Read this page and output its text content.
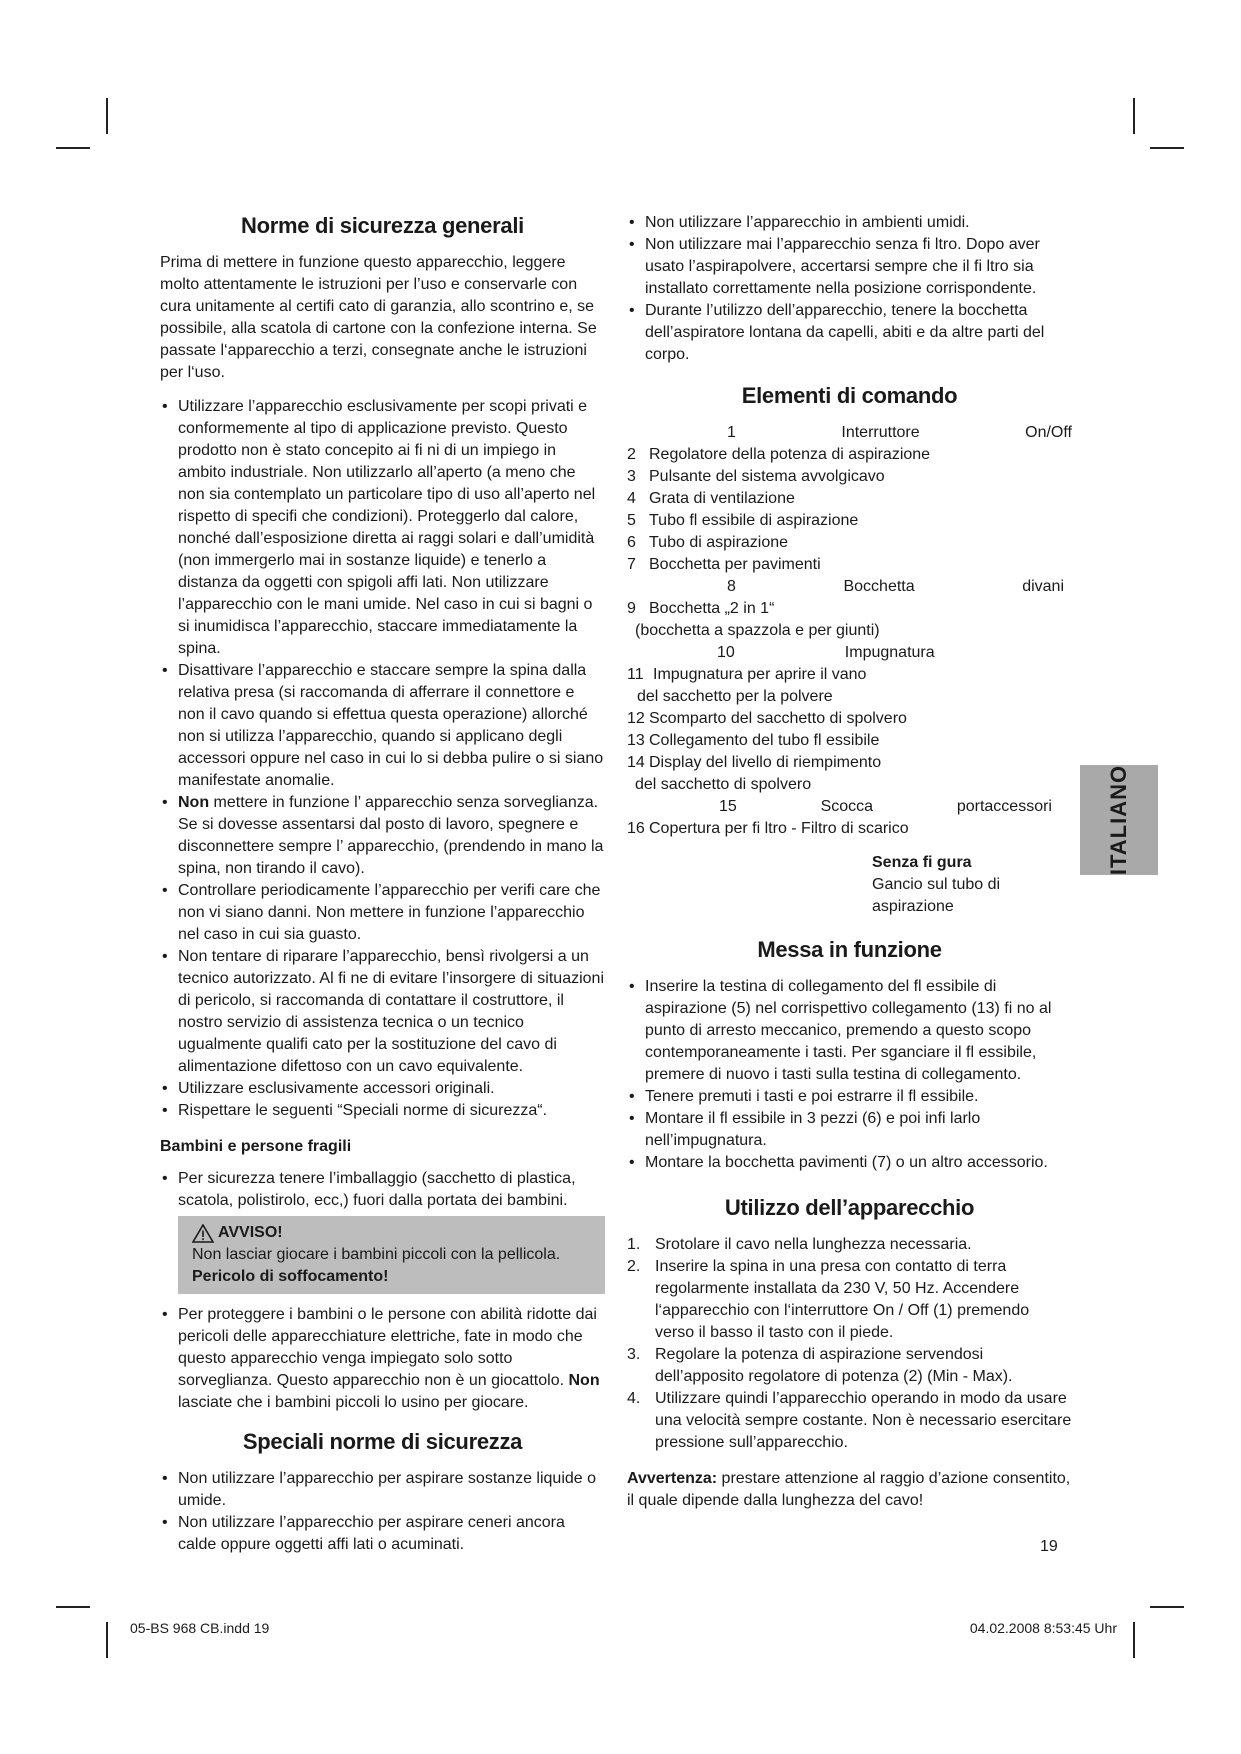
Norme di sicurezza generali

Prima di mettere in funzione questo apparecchio, leggere molto attentamente le istruzioni per l’uso e conservarle con cura unitamente al certifi cato di garanzia, allo scontrino e, se possibile, alla scatola di cartone con la confezione interna. Se passate l‘apparecchio a terzi, consegnate anche le istruzioni per l‘uso.

• Utilizzare l’apparecchio esclusivamente per scopi privati e conformemente al tipo di applicazione previsto. Questo prodotto non è stato concepito ai fi ni di un impiego in ambito industriale. Non utilizzarlo all’aperto (a meno che non sia contemplato un particolare tipo di uso all’aperto nel rispetto di specifi che condizioni). Proteggerlo dal calore, nonché dall’esposizione diretta ai raggi solari e dall’umidità (non immergerlo mai in sostanze liquide) e tenerlo a distanza da oggetti con spigoli affi lati. Non utilizzare l’apparecchio con le mani umide. Nel caso in cui si bagni o si inumidisca l’apparecchio, staccare immediatamente la spina.
• Disattivare l’apparecchio e staccare sempre la spina dalla relativa presa (si raccomanda di afferrare il connettore e non il cavo quando si effettua questa operazione) allorché non si utilizza l’apparecchio, quando si applicano degli accessori oppure nel caso in cui lo si debba pulire o si siano manifestate anomalie.
• Non mettere in funzione l’ apparecchio senza sorveglianza. Se si dovesse assentarsi dal posto di lavoro, spegnere e disconnettere sempre l’ apparecchio, (prendendo in mano la spina, non tirando il cavo).
• Controllare periodicamente l’apparecchio per verifi care che non vi siano danni. Non mettere in funzione l’apparecchio nel caso in cui sia guasto.
• Non tentare di riparare l’apparecchio, bensì rivolgersi a un tecnico autorizzato. Al fi ne di evitare l’insorgere di situazioni di pericolo, si raccomanda di contattare il costruttore, il nostro servizio di assistenza tecnica o un tecnico ugualmente qualifi cato per la sostituzione del cavo di alimentazione difettoso con un cavo equivalente.
• Utilizzare esclusivamente accessori originali.
• Rispettare le seguenti “Speciali norme di sicurezza“.
Bambini e persone fragili
• Per sicurezza tenere l’imballaggio (sacchetto di plastica, scatola, polistirolo, ecc,) fuori dalla portata dei bambini.
AVVISO!
Non lasciar giocare i bambini piccoli con la pellicola.
Pericolo di soffocamento!
• Per proteggere i bambini o le persone con abilità ridotte dai pericoli delle apparecchiature elettriche, fate in modo che questo apparecchio venga impiegato solo sotto sorveglianza. Questo apparecchio non è un giocattolo. Non lasciate che i bambini piccoli lo usino per giocare.
Speciali norme di sicurezza
• Non utilizzare l’apparecchio per aspirare sostanze liquide o umide.
• Non utilizzare l’apparecchio per aspirare ceneri ancora calde oppure oggetti affi lati o acuminati.
• Non utilizzare l’apparecchio in ambienti umidi.
• Non utilizzare mai l’apparecchio senza fi ltro. Dopo aver usato l’aspirapolvere, accertarsi sempre che il fi ltro sia installato correttamente nella posizione corrispondente.
• Durante l’utilizzo dell’apparecchio, tenere la bocchetta dell’aspiratore lontana da capelli, abiti e da altre parti del corpo.
Elementi di comando
1	Interruttore	On/Off
2 Regolatore della potenza di aspirazione
3 Pulsante del sistema avvolgicavo
4 Grata di ventilazione
5 Tubo fl essibile di aspirazione
6 Tubo di aspirazione
7 Bocchetta per pavimenti
8	Bocchetta	divani
9 Bocchetta „2 in 1“
(bocchetta a spazzola e per giunti)
10	Impugnatura
11 Impugnatura per aprire il vano
del sacchetto per la polvere
12 Scomparto del sacchetto di spolvero
13 Collegamento del tubo fl essibile
14 Display del livello di riempimento
del sacchetto di spolvero
15	Scocca	portaccessori
16 Copertura per fi ltro - Filtro di scarico
Senza fi gura
Gancio sul tubo di aspirazione
Messa in funzione
• Inserire la testina di collegamento del fl essibile di aspirazione (5) nel corrispettivo collegamento (13) fi no al punto di arresto meccanico, premendo a questo scopo contemporaneamente i tasti. Per sganciare il fl essibile, premere di nuovo i tasti sulla testina di collegamento.
• Tenere premuti i tasti e poi estrarre il fl essibile.
• Montare il fl essibile in 3 pezzi (6) e poi infi larlo nell’impugnatura.
• Montare la bocchetta pavimenti (7) o un altro accessorio.
Utilizzo dell’apparecchio
1. Srotolare il cavo nella lunghezza necessaria.
2. Inserire la spina in una presa con contatto di terra regolarmente installata da 230 V, 50 Hz. Accendere l‘apparecchio con l‘interruttore On / Off (1) premendo verso il basso il tasto con il piede.
3. Regolare la potenza di aspirazione servendosi dell’apposito regolatore di potenza (2) (Min - Max).
4. Utilizzare quindi l’apparecchio operando in modo da usare una velocità sempre costante. Non è necessario esercitare pressione sull’apparecchio.

Avvertenza: prestare attenzione al raggio d’azione consentito, il quale dipende dalla lunghezza del cavo!

ITALIANO
19
05-BS 968 CB.indd 19	04.02.2008 8:53:45 Uhr
